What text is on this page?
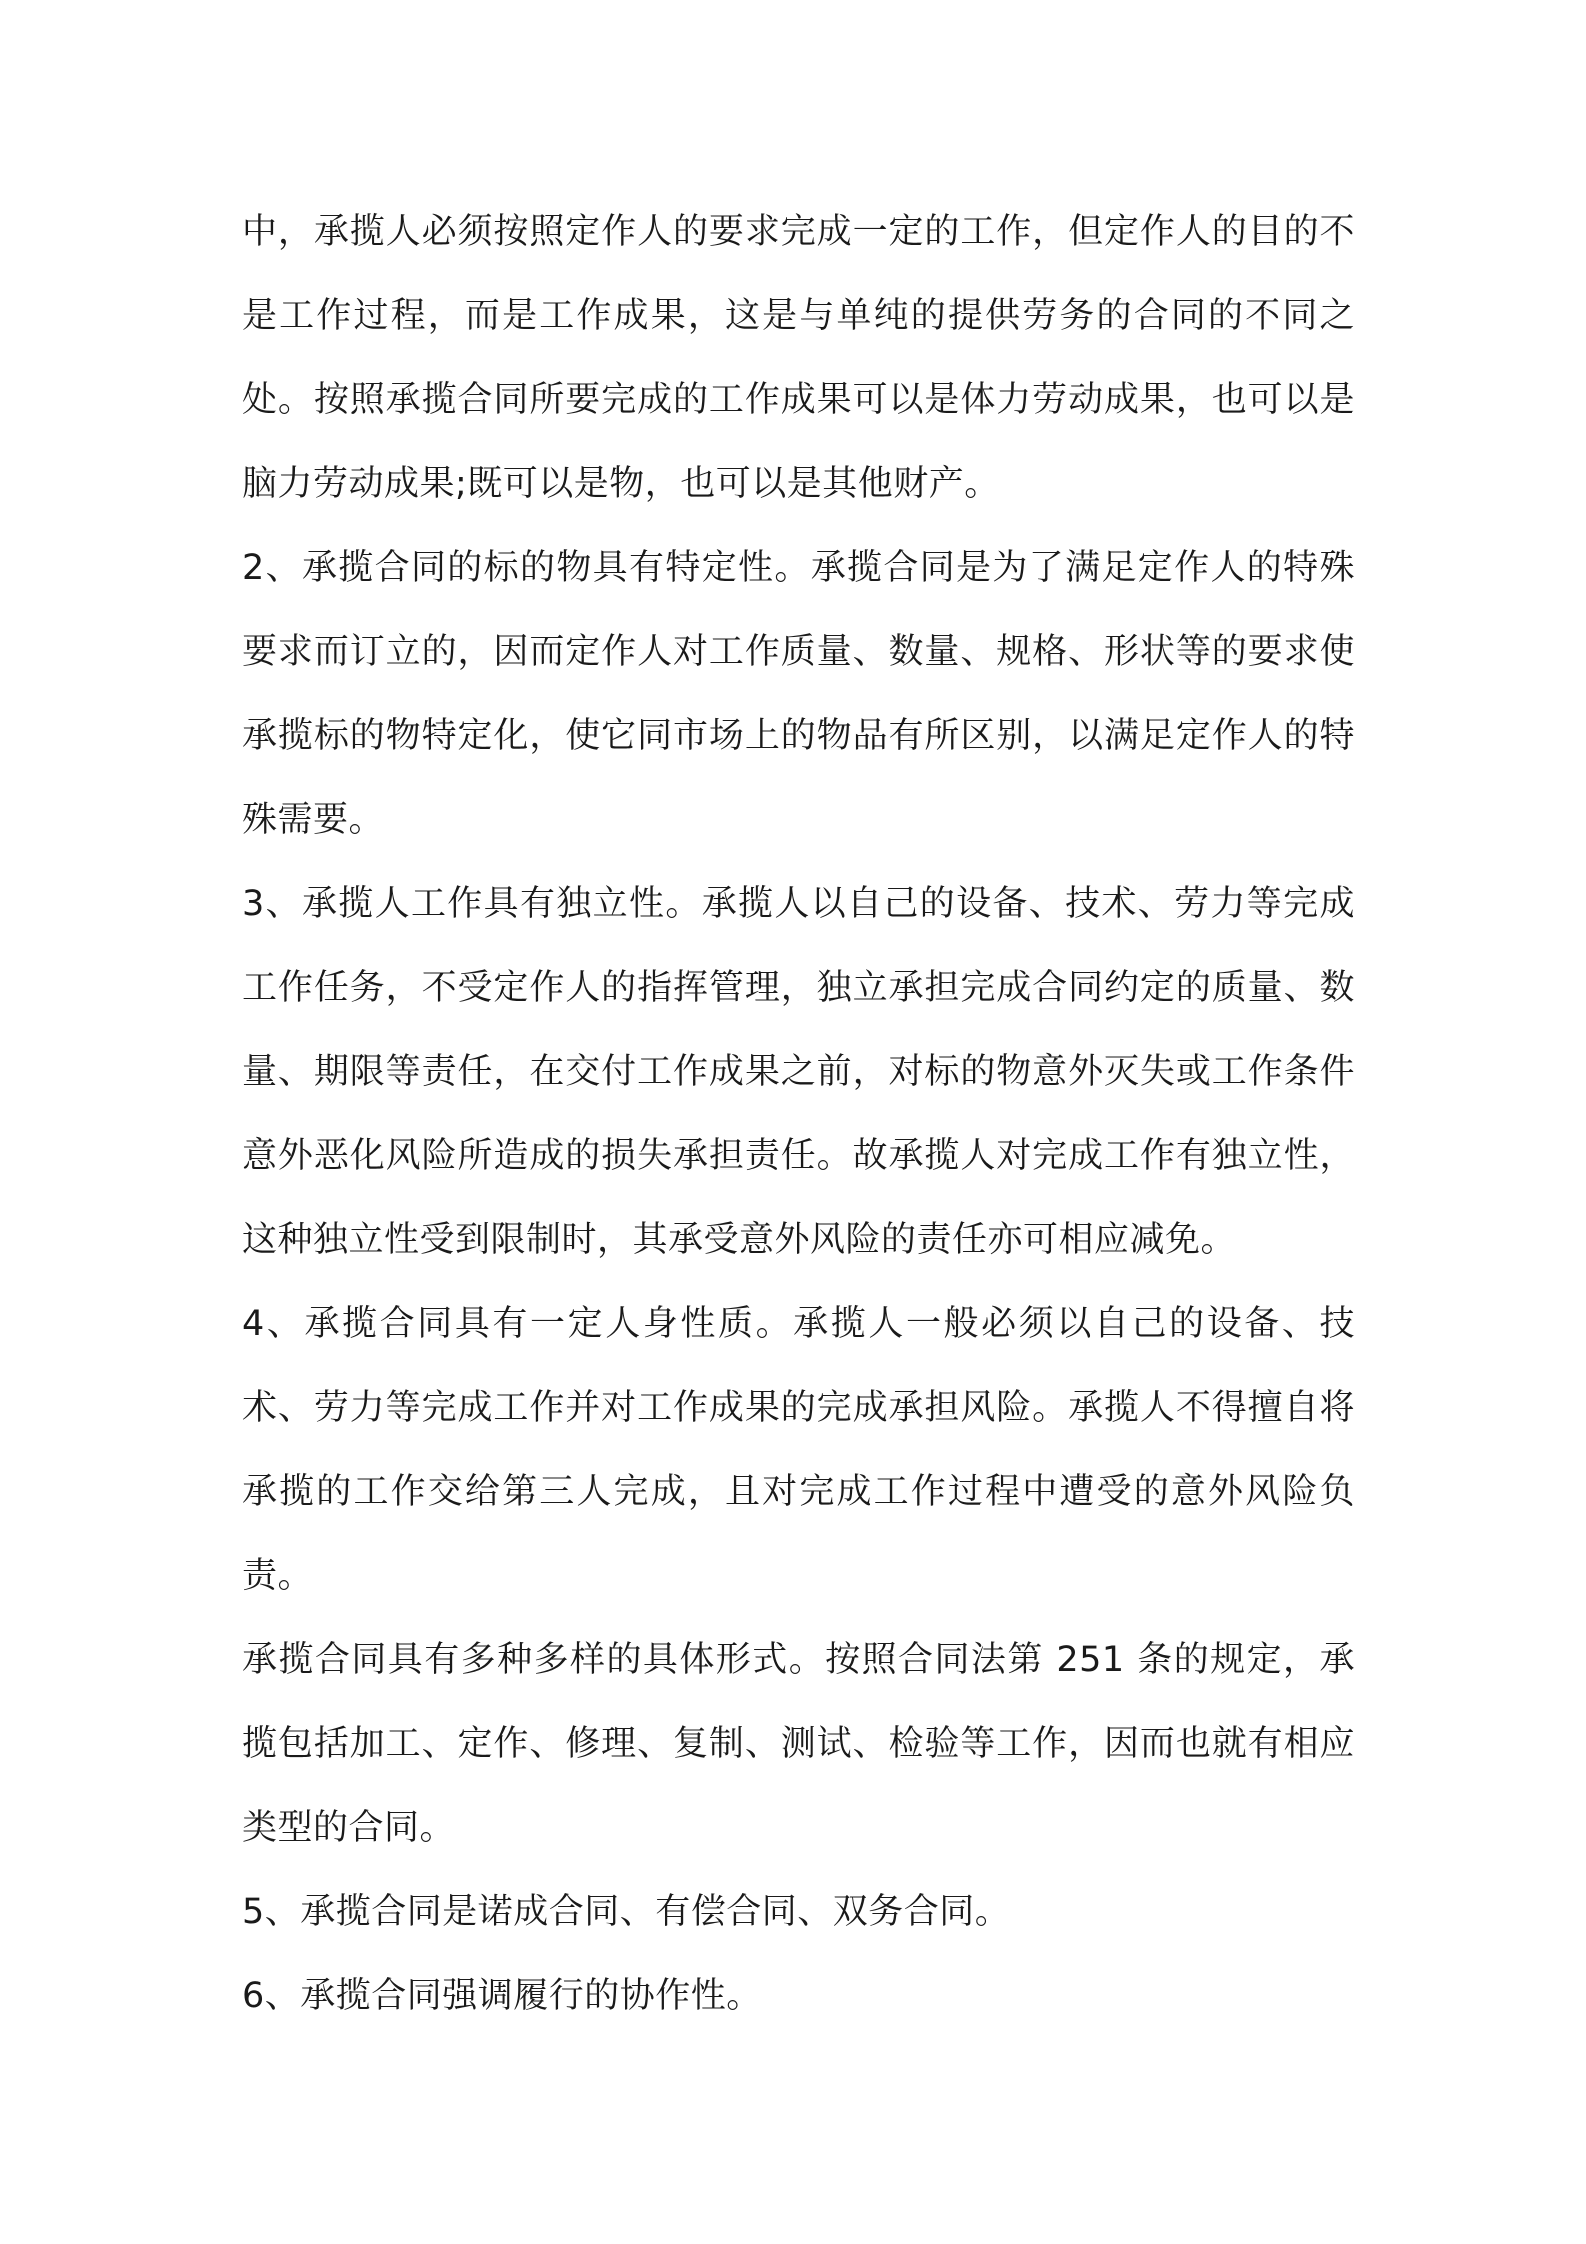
中，承揽人必须按照定作人的要求完成一定的工作，但定作人的目的不是工作过程，而是工作成果，这是与单纯的提供劳务的合同的不同之处。按照承揽合同所要完成的工作成果可以是体力劳动成果，也可以是脑力劳动成果;既可以是物，也可以是其他财产。

2、承揽合同的标的物具有特定性。承揽合同是为了满足定作人的特殊要求而订立的，因而定作人对工作质量、数量、规格、形状等的要求使承揽标的物特定化，使它同市场上的物品有所区别，以满足定作人的特殊需要。

3、承揽人工作具有独立性。承揽人以自己的设备、技术、劳力等完成工作任务，不受定作人的指挥管理，独立承担完成合同约定的质量、数量、期限等责任，在交付工作成果之前，对标的物意外灭失或工作条件意外恶化风险所造成的损失承担责任。故承揽人对完成工作有独立性，这种独立性受到限制时，其承受意外风险的责任亦可相应减免。

4、承揽合同具有一定人身性质。承揽人一般必须以自己的设备、技术、劳力等完成工作并对工作成果的完成承担风险。承揽人不得擅自将承揽的工作交给第三人完成，且对完成工作过程中遭受的意外风险负责。

承揽合同具有多种多样的具体形式。按照合同法第 251 条的规定，承揽包括加工、定作、修理、复制、测试、检验等工作，因而也就有相应类型的合同。

5、承揽合同是诺成合同、有偿合同、双务合同。

6、承揽合同强调履行的协作性。
